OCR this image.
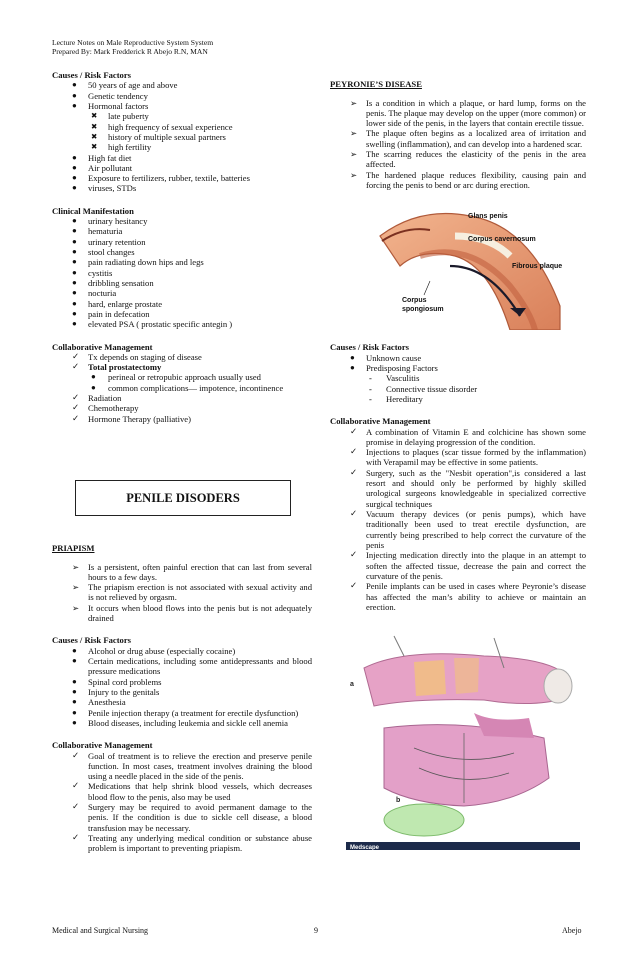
Lecture Notes on Male Reproductive System System
Prepared By: Mark Fredderick R Abejo R.N, MAN

Causes / Risk Factors

● 50 years of age and above
● Genetic tendency
● Hormonal factors
✖ late puberty
✖ high frequency of sexual experience
✖ history of multiple sexual partners
✖ high fertility
● High fat diet
● Air pollutant
● Exposure to fertilizers, rubber, textile, batteries
● viruses, STDs

Clinical Manifestation

● urinary hesitancy
● hematuria
● urinary retention
● stool changes
● pain radiating down hips and legs
● cystitis
● dribbling sensation
● nocturia
● hard, enlarge prostate
● pain in defecation
● elevated PSA ( prostatic specific antegin )

Collaborative Management

✓ Tx depends on staging of disease
✓ Total prostatectomy
● perineal or retropubic approach usually used
● common complications— impotence, incontinence
✓ Radiation
✓ Chemotherapy
✓ Hormone Therapy (palliative)
PENILE DISODERS

PRIAPISM

➢ Is a persistent, often painful erection that can last from several hours to a few days.
➢ The priapism erection is not associated with sexual activity and is not relieved by orgasm.
➢ It occurs when blood flows into the penis but is not adequately drained

Causes / Risk Factors

● Alcohol or drug abuse (especially cocaine)
● Certain medications, including some antidepressants and blood pressure medications
● Spinal cord problems
● Injury to the genitals
● Anesthesia
● Penile injection therapy (a treatment for erectile dysfunction)
● Blood diseases, including leukemia and sickle cell anemia

Collaborative Management

✓ Goal of treatment is to relieve the erection and preserve penile function. In most cases, treatment involves draining the blood using a needle placed in the side of the penis.
✓ Medications that help shrink blood vessels, which decreases blood flow to the penis, also may be used
✓ Surgery may be required to avoid permanent damage to the penis. If the condition is due to sickle cell disease, a blood transfusion may be necessary.
✓ Treating any underlying medical condition or substance abuse problem is important to preventing priapism.

PEYRONIE’S DISEASE

➢ Is a condition in which a plaque, or hard lump, forms on the penis. The plaque may develop on the upper (more common) or lower side of the penis, in the layers that contain erectile tissue.
➢ The plaque often begins as a localized area of irritation and swelling (inflammation), and can develop into a hardened scar.
➢ The scarring reduces the elasticity of the penis in the area affected.
➢ The hardened plaque reduces flexibility, causing pain and forcing the penis to bend or arc during erection.
Glans penis
Corpus cavernosum
Fibrous plaque
Corpus
spongiosum

Causes / Risk Factors

● Unknown cause
● Predisposing Factors
- Vasculitis
- Connective tissue disorder
- Hereditary

Collaborative Management

✓ A combination of Vitamin E and colchicine has shown some promise in delaying progression of the condition.
✓ Injections to plaques (scar tissue formed by the inflammation) with Verapamil may be effective in some patients.
✓ Surgery, such as the "Nesbit operation",is considered a last resort and should only be performed by highly skilled urological surgeons knowledgeable in specialized corrective surgical techniques
✓ Vacuum therapy devices (or penis pumps), which have traditionally been used to treat erectile dysfunction, are currently being prescribed to help correct the curvature of the penis
✓ Injecting medication directly into the plaque in an attempt to soften the affected tissue, decrease the pain and correct the curvature of the penis.
✓ Penile implants can be used in cases where Peyronie’s disease has affected the man’s ability to achieve or maintain an erection.
a
b
Medscape
Medical and Surgical Nursing	9	Abejo
